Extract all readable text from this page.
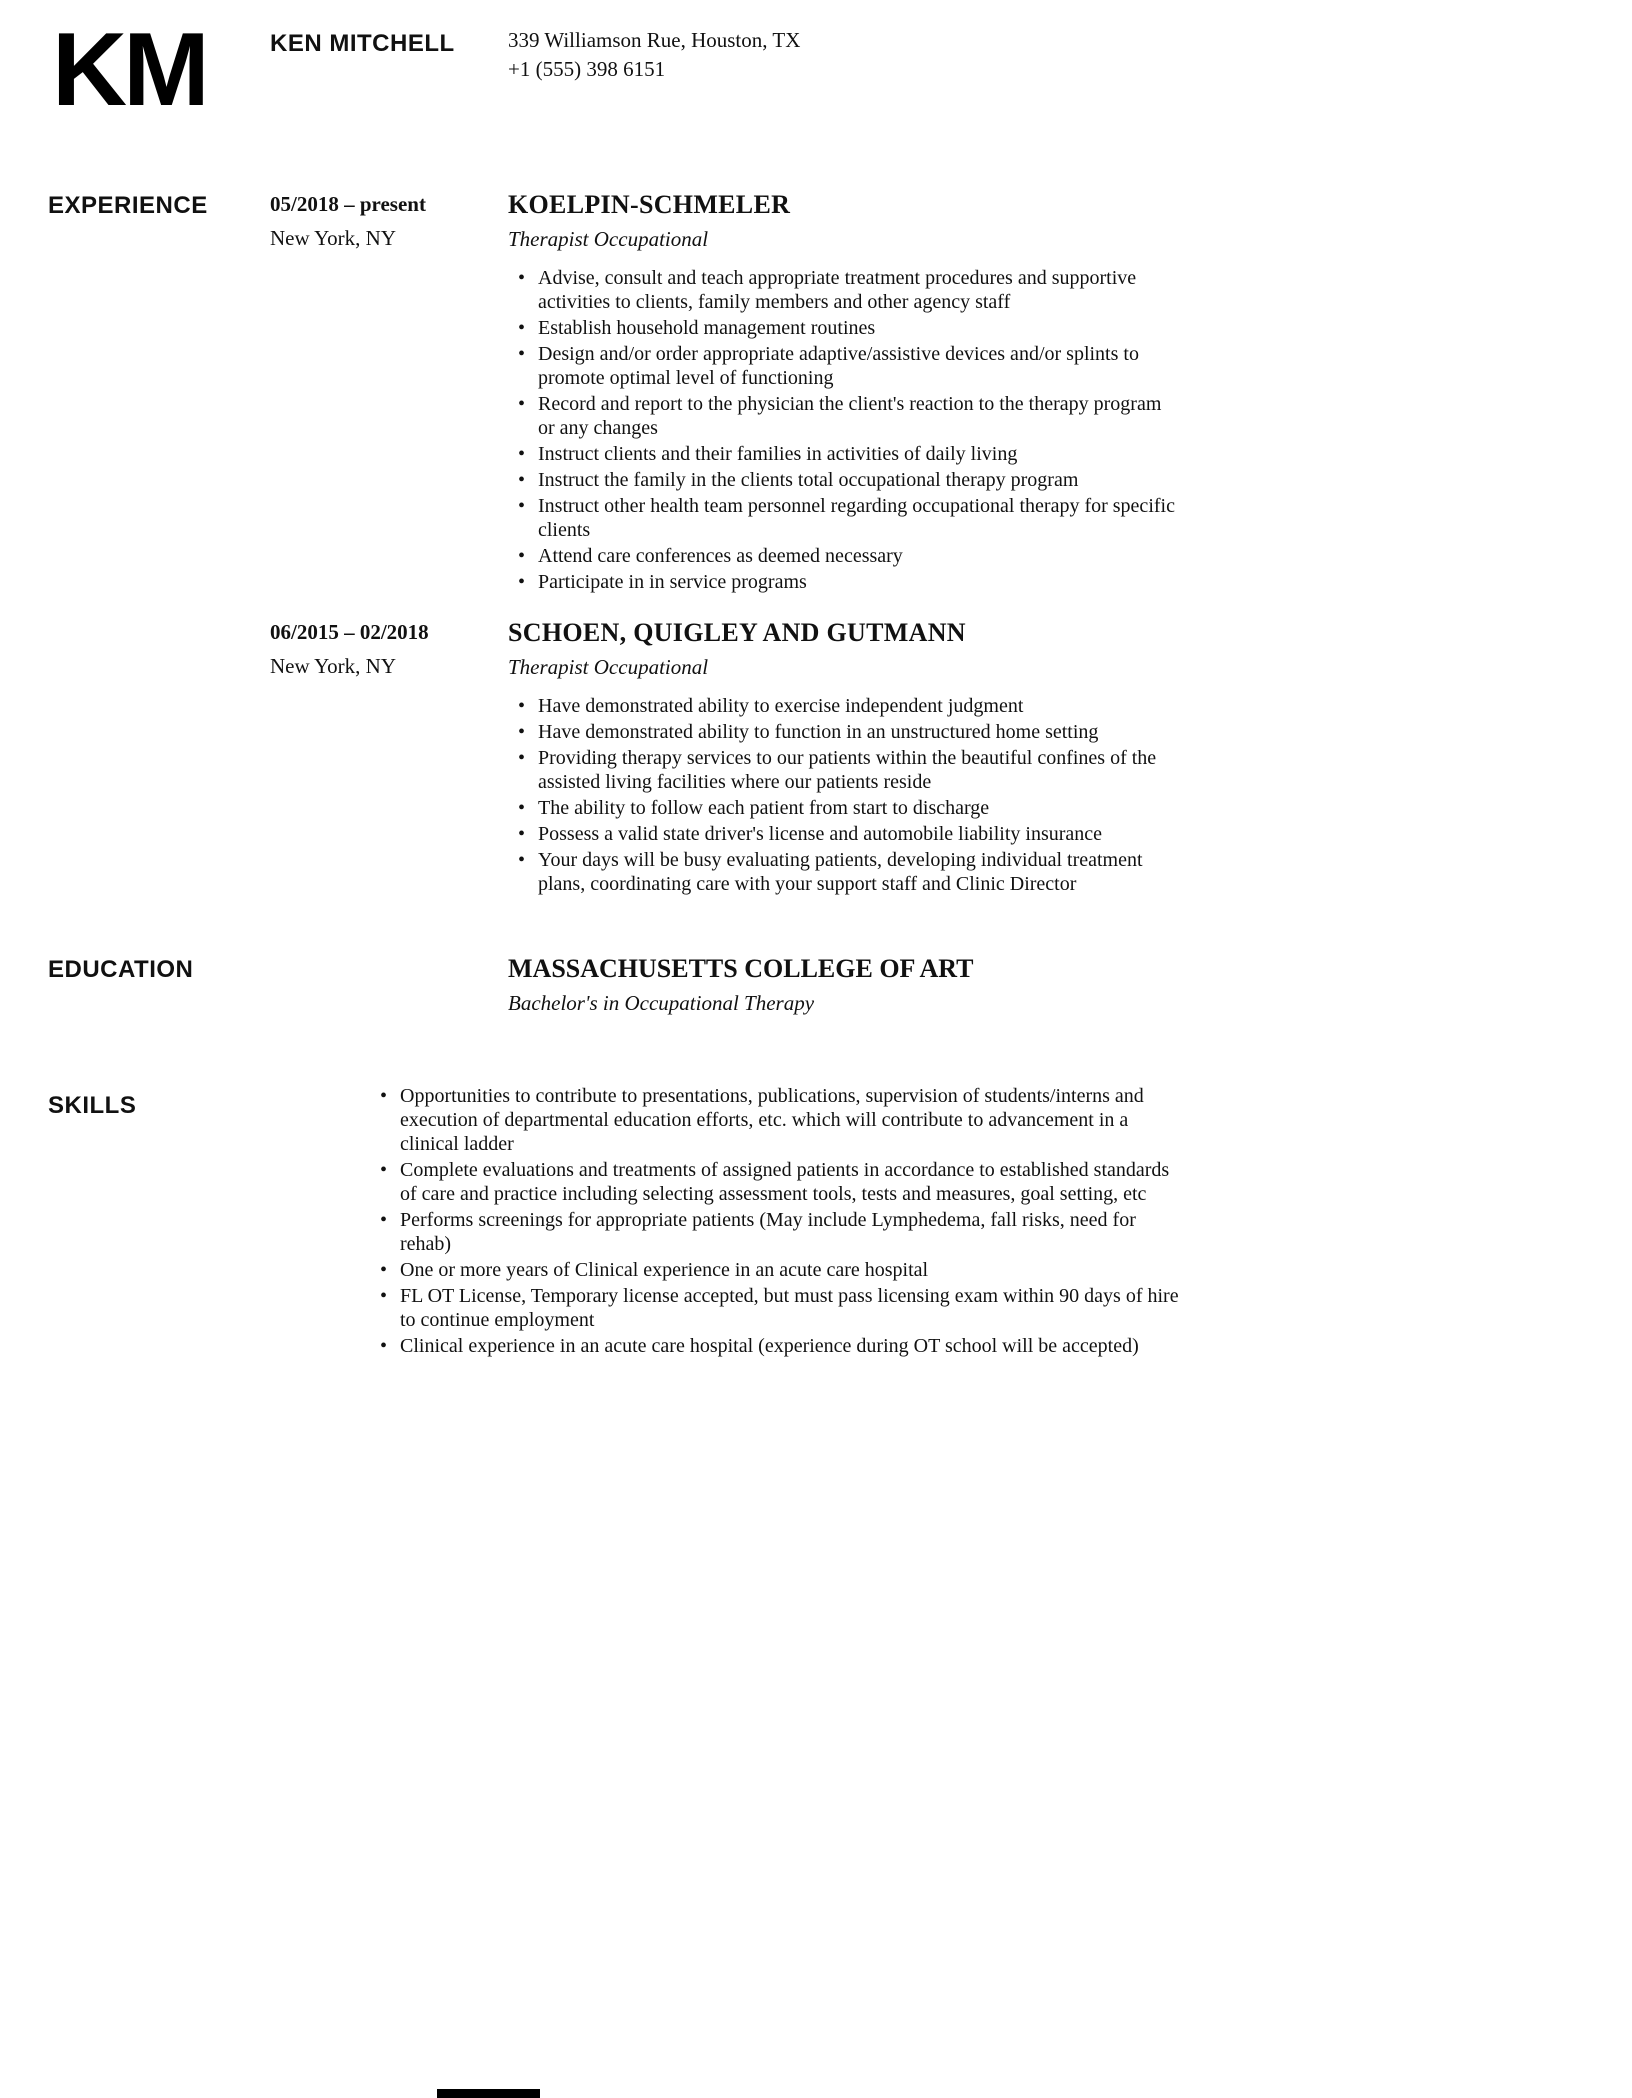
KM	KEN MITCHELL	339 Williamson Rue, Houston, TX
+1 (555) 398 6151
EXPERIENCE	05/2018 – present
New York, NY
KOELPIN-SCHMELER
Therapist Occupational
• Advise, consult and teach appropriate treatment procedures and supportive activities to clients, family members and other agency staff
• Establish household management routines
• Design and/or order appropriate adaptive/assistive devices and/or splints to promote optimal level of functioning
• Record and report to the physician the client's reaction to the therapy program or any changes
• Instruct clients and their families in activities of daily living
• Instruct the family in the clients total occupational therapy program
• Instruct other health team personnel regarding occupational therapy for specific clients
• Attend care conferences as deemed necessary
• Participate in in service programs
06/2015 – 02/2018
New York, NY
SCHOEN, QUIGLEY AND GUTMANN
Therapist Occupational
• Have demonstrated ability to exercise independent judgment
• Have demonstrated ability to function in an unstructured home setting
• Providing therapy services to our patients within the beautiful confines of the assisted living facilities where our patients reside
• The ability to follow each patient from start to discharge
• Possess a valid state driver's license and automobile liability insurance
• Your days will be busy evaluating patients, developing individual treatment plans, coordinating care with your support staff and Clinic Director
EDUCATION	MASSACHUSETTS COLLEGE OF ART
Bachelor's in Occupational Therapy
SKILLS	• Opportunities to contribute to presentations, publications, supervision of students/interns and execution of departmental education efforts, etc. which will contribute to advancement in a clinical ladder
• Complete evaluations and treatments of assigned patients in accordance to established standards of care and practice including selecting assessment tools, tests and measures, goal setting, etc
• Performs screenings for appropriate patients (May include Lymphedema, fall risks, need for rehab)
• One or more years of Clinical experience in an acute care hospital
• FL OT License, Temporary license accepted, but must pass licensing exam within 90 days of hire to continue employment
• Clinical experience in an acute care hospital (experience during OT school will be accepted)
